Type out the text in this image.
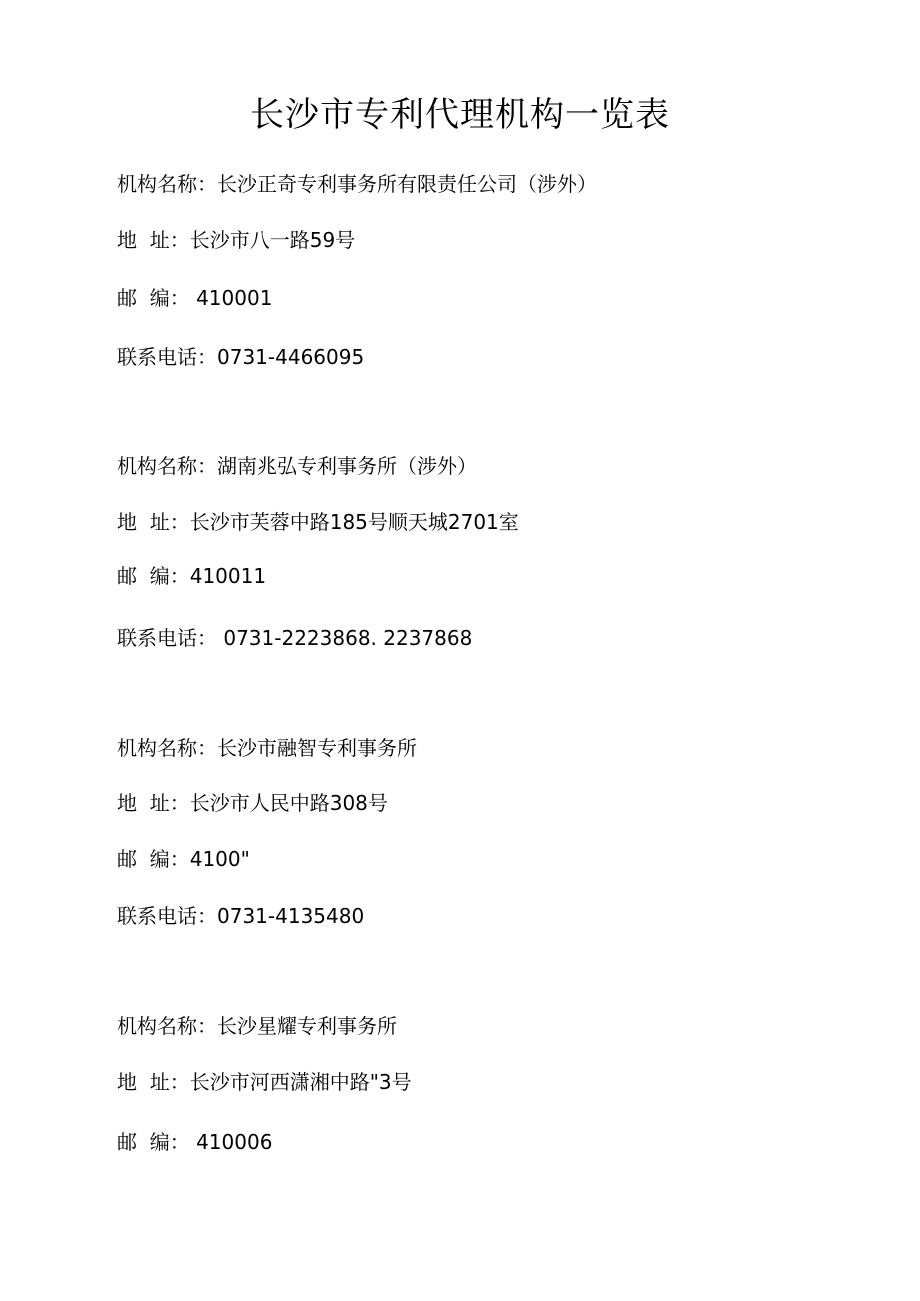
长沙市专利代理机构一览表
机构名称：长沙正奇专利事务所有限责任公司（涉外）
地  址：长沙市八一路59号
邮  编： 410001
联系电话：0731-4466095
机构名称：湖南兆弘专利事务所（涉外）
地  址：长沙市芙蓉中路185号顺天城2701室
邮  编：410011
联系电话： 0731-2223868. 2237868
机构名称：长沙市融智专利事务所
地  址：长沙市人民中路308号
邮  编：4100"
联系电话：0731-4135480
机构名称：长沙星耀专利事务所
地  址：长沙市河西潇湘中路"3号
邮  编： 410006
